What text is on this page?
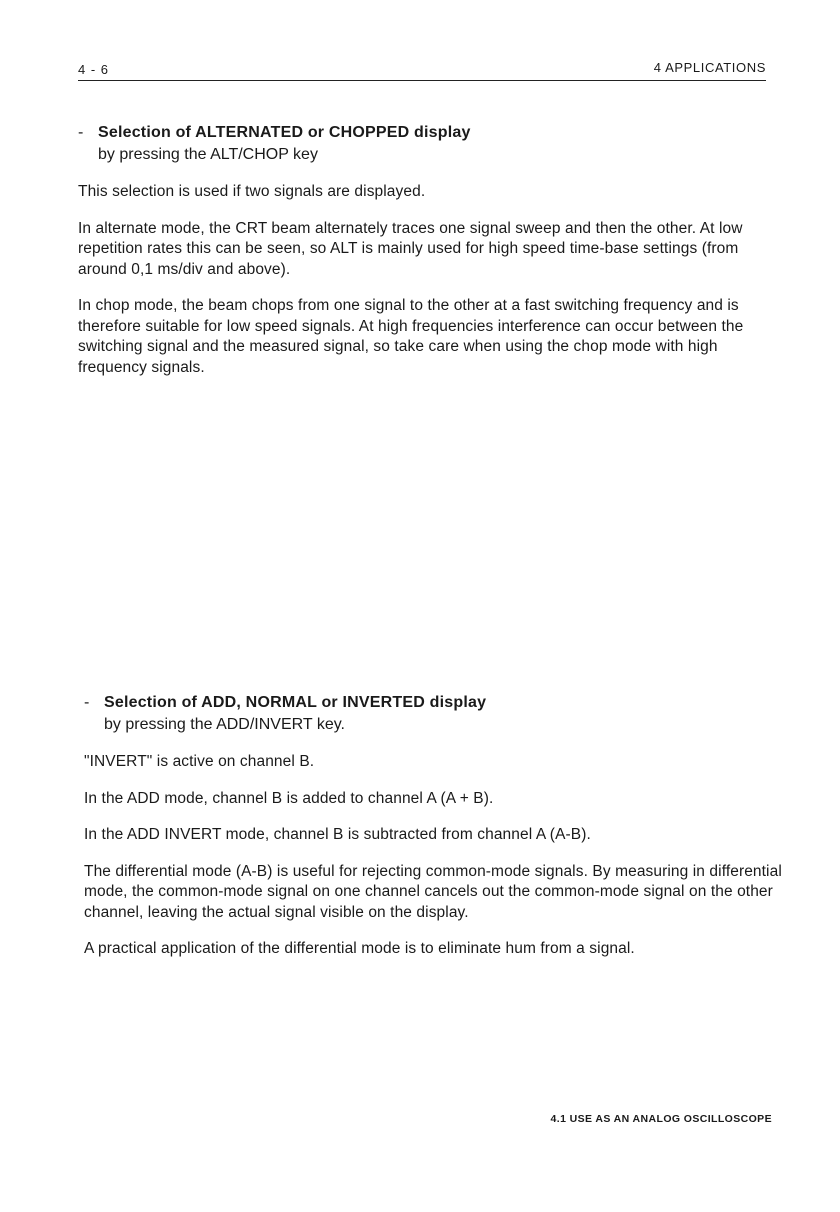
4 - 6	4 APPLICATIONS
- Selection of ALTERNATED or CHOPPED display
by pressing the ALT/CHOP key

This selection is used if two signals are displayed.

In alternate mode, the CRT beam alternately traces one signal sweep and then the other. At low repetition rates this can be seen, so ALT is mainly used for high speed time-base settings (from around 0,1 ms/div and above).

In chop mode, the beam chops from one signal to the other at a fast switching frequency and is therefore suitable for low speed signals. At high frequencies interference can occur between the switching signal and the measured signal, so take care when using the chop mode with high frequency signals.

- Selection of ADD, NORMAL or INVERTED display
by pressing the ADD/INVERT key.

"INVERT" is active on channel B.

In the ADD mode, channel B is added to channel A (A + B).

In the ADD INVERT mode, channel B is subtracted from channel A (A-B).

The differential mode (A-B) is useful for rejecting common-mode signals. By measuring in differential mode, the common-mode signal on one channel cancels out the common-mode signal on the other channel, leaving the actual signal visible on the display.

A practical application of the differential mode is to eliminate hum from a signal.

4.1 USE AS AN ANALOG OSCILLOSCOPE
